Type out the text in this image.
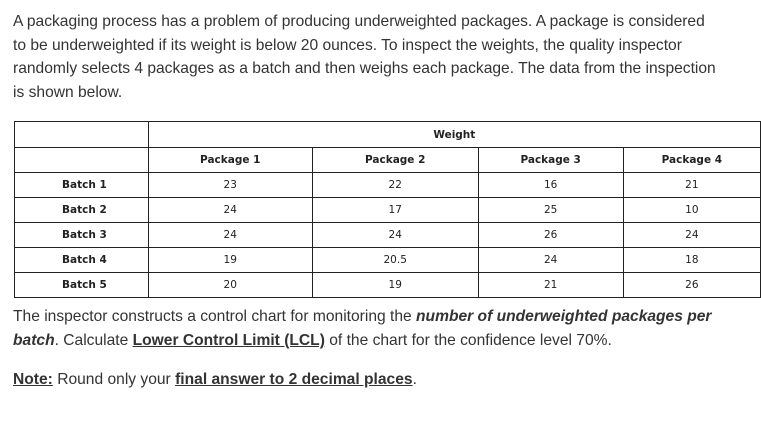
A packaging process has a problem of producing underweighted packages. A package is considered
to be underweighted if its weight is below 20 ounces. To inspect the weights, the quality inspector
randomly selects 4 packages as a batch and then weighs each package. The data from the inspection
is shown below.

	Weight			
	Package 1	Package 2	Package 3	Package 4
Batch 1	23	22	16	21
Batch 2	24	17	25	10
Batch 3	24	24	26	24
Batch 4	19	20.5	24	18
Batch 5	20	19	21	26

The inspector constructs a control chart for monitoring the number of underweighted packages per
batch. Calculate Lower Control Limit (LCL) of the chart for the confidence level 70%.

Note: Round only your final answer to 2 decimal places.
